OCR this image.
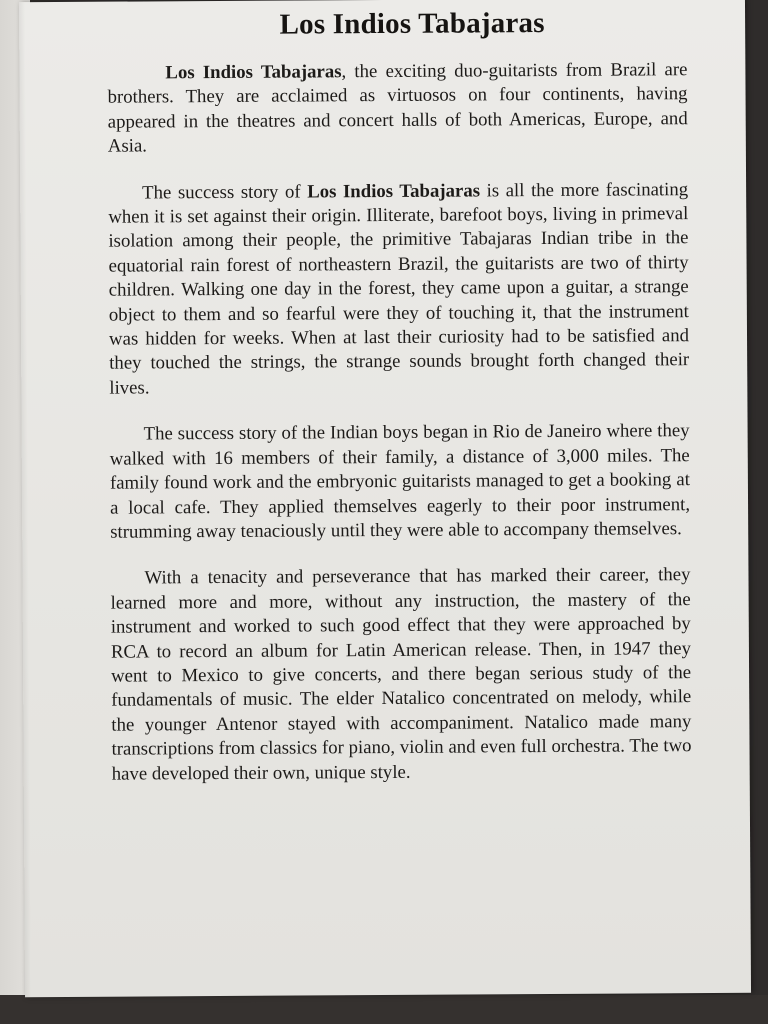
Los Indios Tabajaras

Los Indios Tabajaras, the exciting duo-guitarists from Brazil are brothers. They are acclaimed as virtuosos on four continents, having appeared in the theatres and concert halls of both Americas, Europe, and Asia.

The success story of Los Indios Tabajaras is all the more fascinating when it is set against their origin. Illiterate, barefoot boys, living in primeval isolation among their people, the primitive Tabajaras Indian tribe in the equatorial rain forest of northeastern Brazil, the guitarists are two of thirty children. Walking one day in the forest, they came upon a guitar, a strange object to them and so fearful were they of touching it, that the instrument was hidden for weeks. When at last their curiosity had to be satisfied and they touched the strings, the strange sounds brought forth changed their lives.

The success story of the Indian boys began in Rio de Janeiro where they walked with 16 members of their family, a distance of 3,000 miles. The family found work and the embryonic guitarists managed to get a booking at a local cafe. They applied themselves eagerly to their poor instrument, strumming away tenaciously until they were able to accompany themselves.

With a tenacity and perseverance that has marked their career, they learned more and more, without any instruction, the mastery of the instrument and worked to such good effect that they were approached by RCA to record an album for Latin American release. Then, in 1947 they went to Mexico to give concerts, and there began serious study of the fundamentals of music. The elder Natalico concentrated on melody, while the younger Antenor stayed with accompaniment. Natalico made many transcriptions from classics for piano, violin and even full orchestra. The two have developed their own, unique style.
